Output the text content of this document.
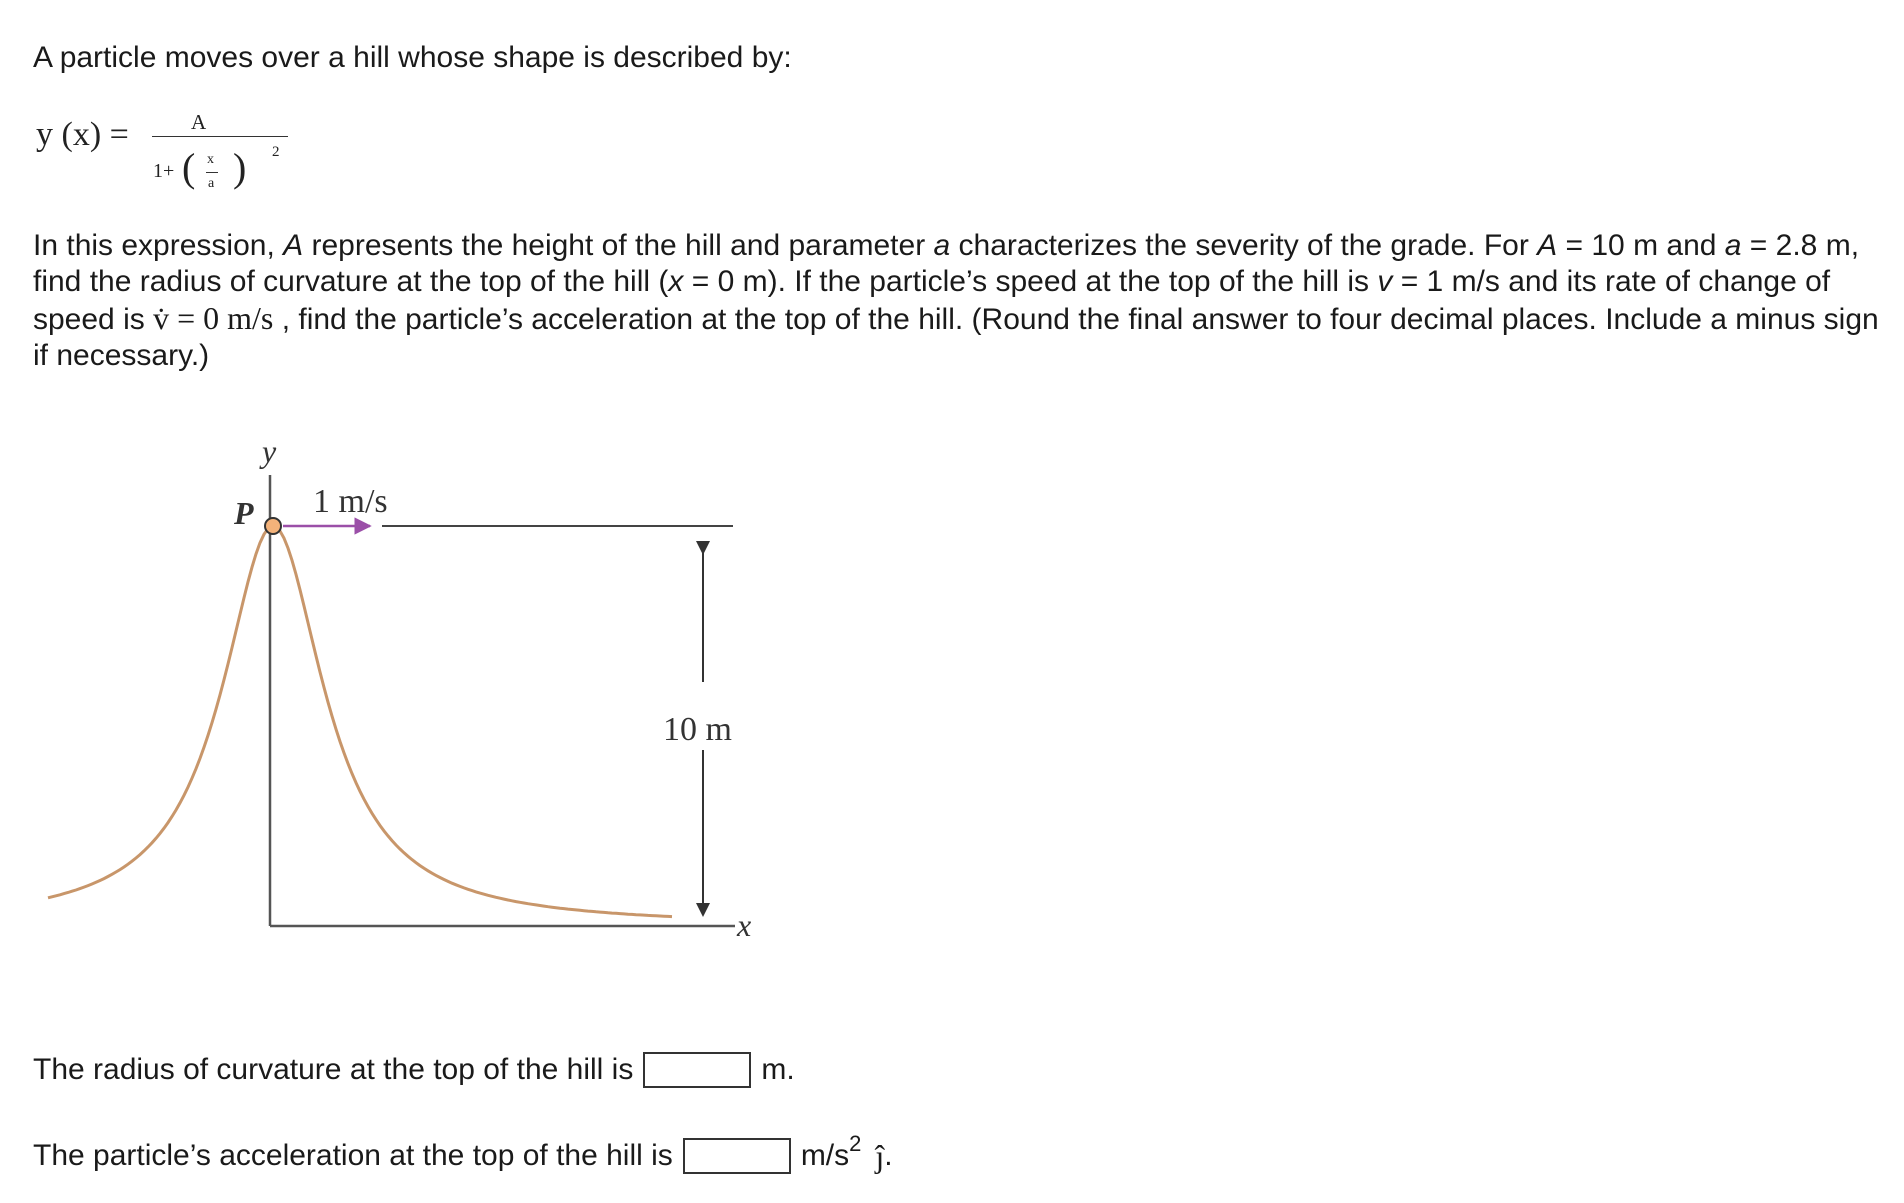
A particle moves over a hill whose shape is described by:

y (x) =	A
1+ ( x
a ) 2

In this expression, A represents the height of the hill and parameter a characterizes the severity of the grade. For A = 10 m and a = 2.8 m, find the radius of curvature at the top of the hill (x = 0 m). If the particle’s speed at the top of the hill is v = 1 m/s and its rate of change of speed is v̇ = 0 m/s , find the particle’s acceleration at the top of the hill. (Round the final answer to four decimal places. Include a minus sign if necessary.)

10 m
y
P 1 m/s
x
The radius of curvature at the top of the hill is	m.
The particle’s acceleration at the top of the hill is	m/s 2 ĵ .
